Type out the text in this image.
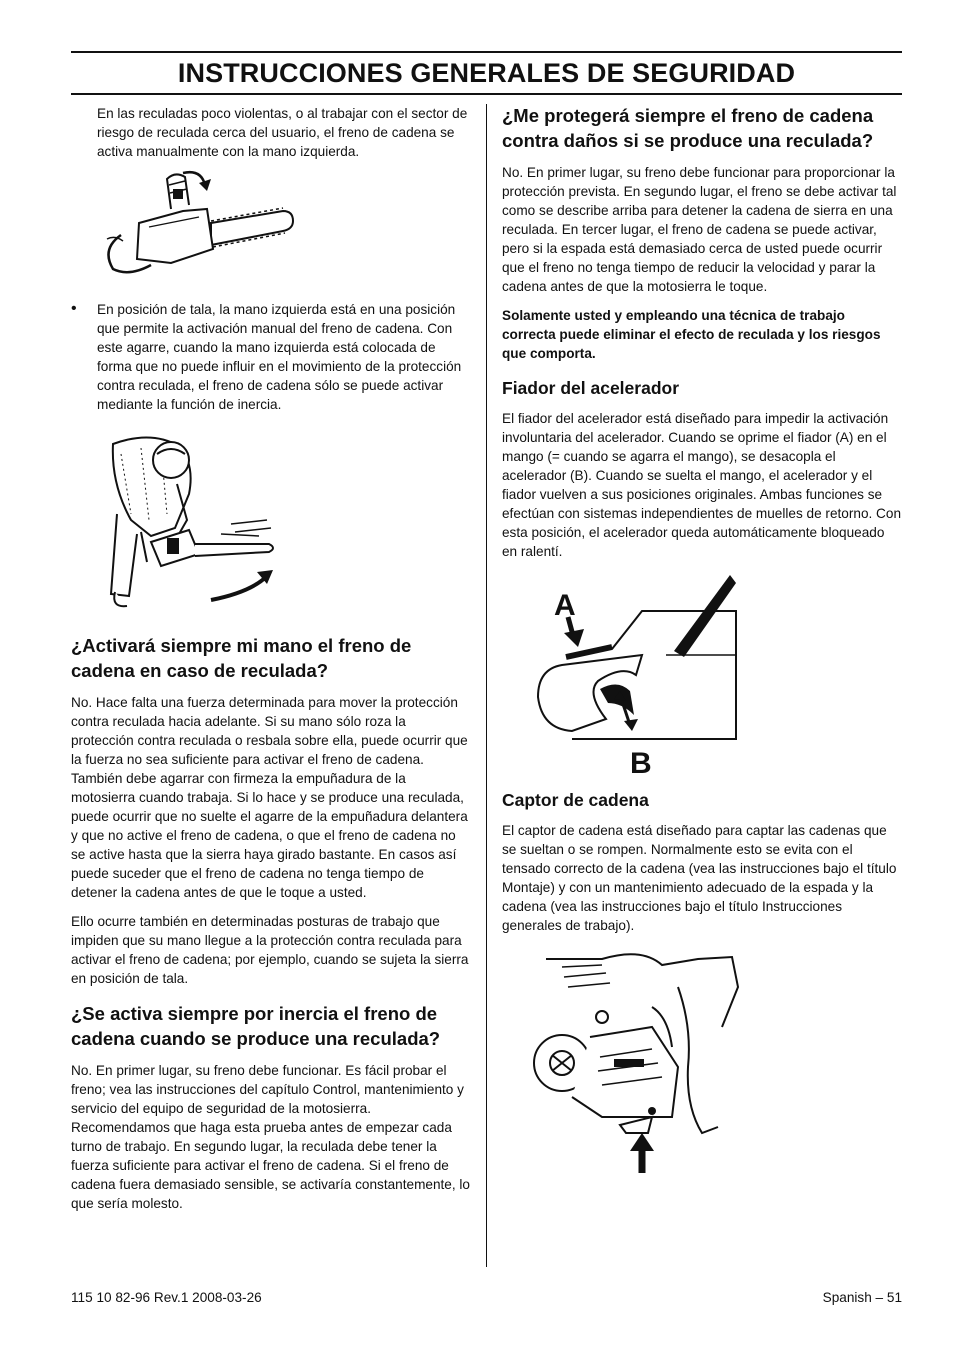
INSTRUCCIONES GENERALES DE SEGURIDAD

En las reculadas poco violentas, o al trabajar con el sector de riesgo de reculada cerca del usuario, el freno de cadena se activa manualmente con la mano izquierda.

• En posición de tala, la mano izquierda está en una posición que permite la activación manual del freno de cadena. Con este agarre, cuando la mano izquierda está colocada de forma que no puede influir en el movimiento de la protección contra reculada, el freno de cadena sólo se puede activar mediante la función de inercia.

¿Activará siempre mi mano el freno de cadena en caso de reculada?

No. Hace falta una fuerza determinada para mover la protección contra reculada hacia adelante. Si su mano sólo roza la protección contra reculada o resbala sobre ella, puede ocurrir que la fuerza no sea suficiente para activar el freno de cadena. También debe agarrar con firmeza la empuñadura de la motosierra cuando trabaja. Si lo hace y se produce una reculada, puede ocurrir que no suelte el agarre de la empuñadura delantera y que no active el freno de cadena, o que el freno de cadena no se active hasta que la sierra haya girado bastante. En casos así puede suceder que el freno de cadena no tenga tiempo de detener la cadena antes de que le toque a usted.

Ello ocurre también en determinadas posturas de trabajo que impiden que su mano llegue a la protección contra reculada para activar el freno de cadena; por ejemplo, cuando se sujeta la sierra en posición de tala.

¿Se activa siempre por inercia el freno de cadena cuando se produce una reculada?

No. En primer lugar, su freno debe funcionar. Es fácil probar el freno; vea las instrucciones del capítulo Control, mantenimiento y servicio del equipo de seguridad de la motosierra. Recomendamos que haga esta prueba antes de empezar cada turno de trabajo. En segundo lugar, la reculada debe tener la fuerza suficiente para activar el freno de cadena. Si el freno de cadena fuera demasiado sensible, se activaría constantemente, lo que sería molesto.

¿Me protegerá siempre el freno de cadena contra daños si se produce una reculada?

No. En primer lugar, su freno debe funcionar para proporcionar la protección prevista. En segundo lugar, el freno se debe activar tal como se describe arriba para detener la cadena de sierra en una reculada. En tercer lugar, el freno de cadena se puede activar, pero si la espada está demasiado cerca de usted puede ocurrir que el freno no tenga tiempo de reducir la velocidad y parar la cadena antes de que la motosierra le toque.

Solamente usted y empleando una técnica de trabajo correcta puede eliminar el efecto de reculada y los riesgos que comporta.

Fiador del acelerador

El fiador del acelerador está diseñado para impedir la activación involuntaria del acelerador. Cuando se oprime el fiador (A) en el mango (= cuando se agarra el mango), se desacopla el acelerador (B). Cuando se suelta el mango, el acelerador y el fiador vuelven a sus posiciones originales. Ambas funciones se efectúan con sistemas independientes de muelles de retorno. Con esta posición, el acelerador queda automáticamente bloqueado en ralentí.

A
B
Captor de cadena

El captor de cadena está diseñado para captar las cadenas que se sueltan o se rompen. Normalmente esto se evita con el tensado correcto de la cadena (vea las instrucciones bajo el título Montaje) y con un mantenimiento adecuado de la espada y la cadena (vea las instrucciones bajo el título Instrucciones generales de trabajo).

115 10 82-96 Rev.1 2008-03-26	Spanish – 51
